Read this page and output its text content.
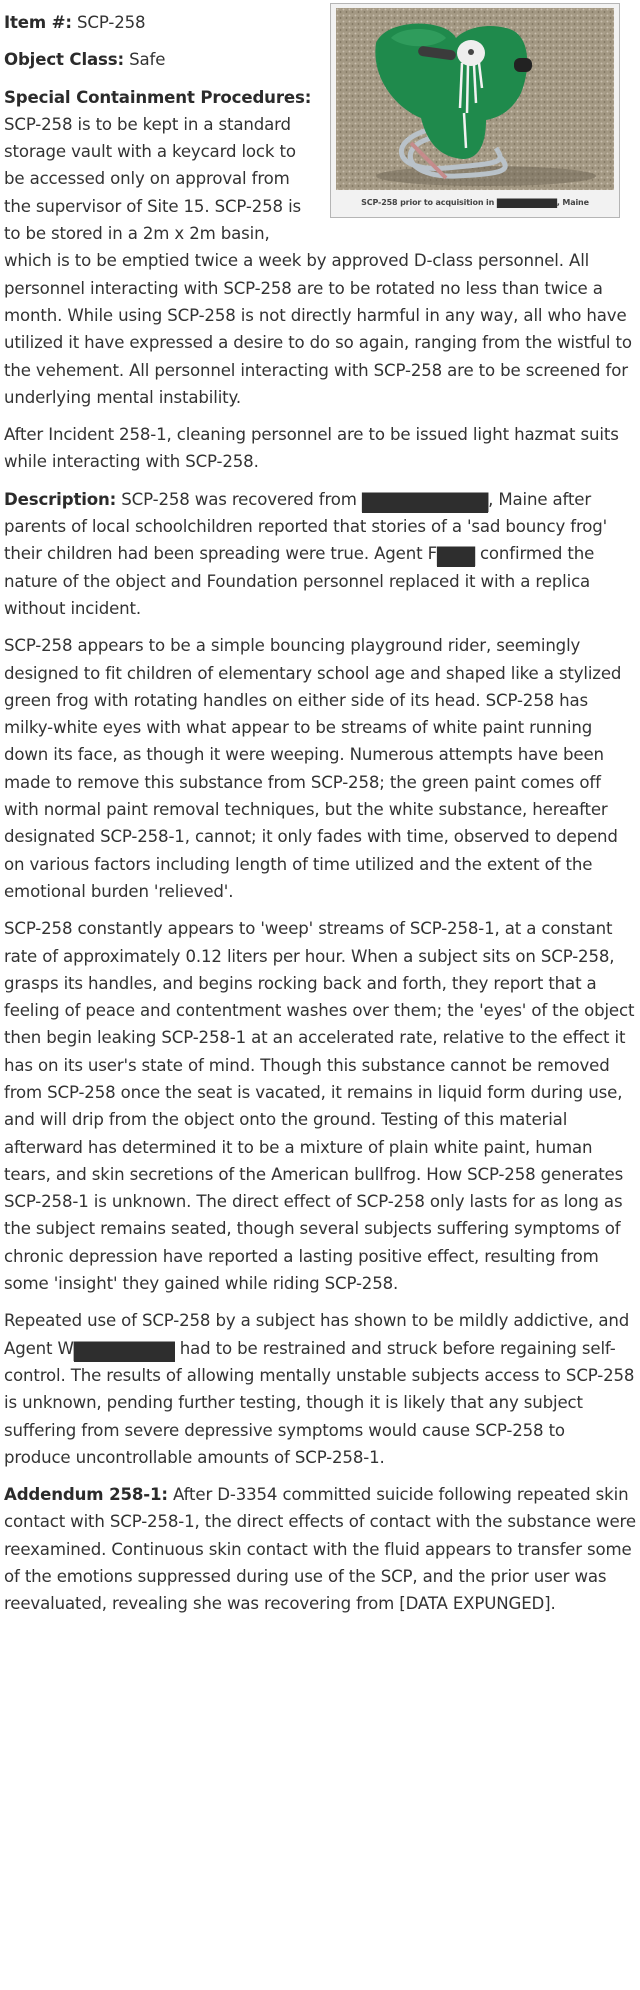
SCP-258 prior to acquisition in ██████████, Maine

Item #: SCP-258

Object Class: Safe

Special Containment Procedures: SCP-258 is to be kept in a standard storage vault with a keycard lock to be accessed only on approval from the supervisor of Site 15. SCP-258 is to be stored in a 2m x 2m basin, which is to be emptied twice a week by approved D-class personnel. All personnel interacting with SCP-258 are to be rotated no less than twice a month. While using SCP-258 is not directly harmful in any way, all who have utilized it have expressed a desire to do so again, ranging from the wistful to the vehement. All personnel interacting with SCP-258 are to be screened for underlying mental instability.

After Incident 258-1, cleaning personnel are to be issued light hazmat suits while interacting with SCP-258.

Description: SCP-258 was recovered from ██████████, Maine after parents of local schoolchildren reported that stories of a 'sad bouncy frog' their children had been spreading were true. Agent F███ confirmed the nature of the object and Foundation personnel replaced it with a replica without incident.

SCP-258 appears to be a simple bouncing playground rider, seemingly designed to fit children of elementary school age and shaped like a stylized green frog with rotating handles on either side of its head. SCP-258 has milky-white eyes with what appear to be streams of white paint running down its face, as though it were weeping. Numerous attempts have been made to remove this substance from SCP-258; the green paint comes off with normal paint removal techniques, but the white substance, hereafter designated SCP-258-1, cannot; it only fades with time, observed to depend on various factors including length of time utilized and the extent of the emotional burden 'relieved'.

SCP-258 constantly appears to 'weep' streams of SCP-258-1, at a constant rate of approximately 0.12 liters per hour. When a subject sits on SCP-258, grasps its handles, and begins rocking back and forth, they report that a feeling of peace and contentment washes over them; the 'eyes' of the object then begin leaking SCP-258-1 at an accelerated rate, relative to the effect it has on its user's state of mind. Though this substance cannot be removed from SCP-258 once the seat is vacated, it remains in liquid form during use, and will drip from the object onto the ground. Testing of this material afterward has determined it to be a mixture of plain white paint, human tears, and skin secretions of the American bullfrog. How SCP-258 generates SCP-258-1 is unknown. The direct effect of SCP-258 only lasts for as long as the subject remains seated, though several subjects suffering symptoms of chronic depression have reported a lasting positive effect, resulting from some 'insight' they gained while riding SCP-258.

Repeated use of SCP-258 by a subject has shown to be mildly addictive, and Agent W████████ had to be restrained and struck before regaining self-control. The results of allowing mentally unstable subjects access to SCP-258 is unknown, pending further testing, though it is likely that any subject suffering from severe depressive symptoms would cause SCP-258 to produce uncontrollable amounts of SCP-258-1.

Addendum 258-1: After D-3354 committed suicide following repeated skin contact with SCP-258-1, the direct effects of contact with the substance were reexamined. Continuous skin contact with the fluid appears to transfer some of the emotions suppressed during use of the SCP, and the prior user was reevaluated, revealing she was recovering from [DATA EXPUNGED].
